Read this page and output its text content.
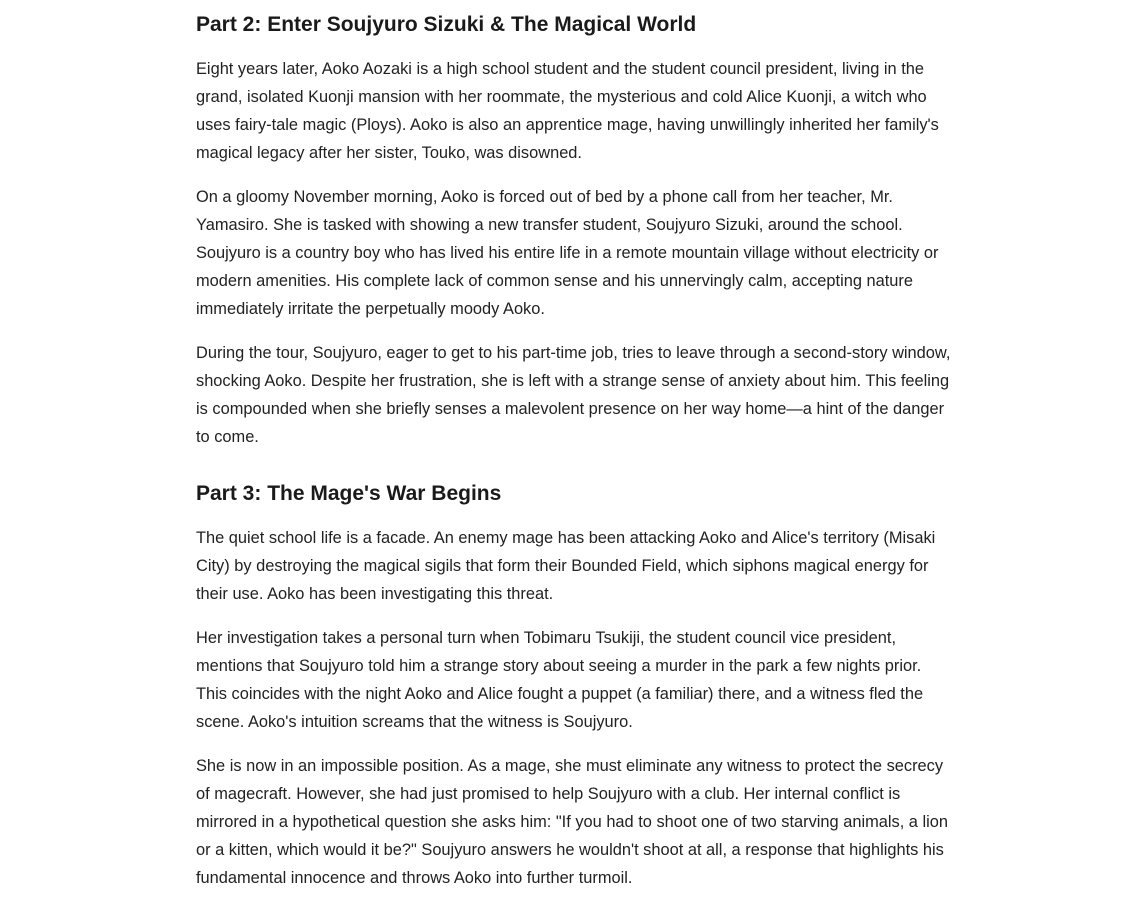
Part 2: Enter Soujyuro Sizuki & The Magical World

Eight years later, Aoko Aozaki is a high school student and the student council president, living in the grand, isolated Kuonji mansion with her roommate, the mysterious and cold Alice Kuonji, a witch who uses fairy-tale magic (Ploys). Aoko is also an apprentice mage, having unwillingly inherited her family's magical legacy after her sister, Touko, was disowned.

On a gloomy November morning, Aoko is forced out of bed by a phone call from her teacher, Mr. Yamasiro. She is tasked with showing a new transfer student, Soujyuro Sizuki, around the school. Soujyuro is a country boy who has lived his entire life in a remote mountain village without electricity or modern amenities. His complete lack of common sense and his unnervingly calm, accepting nature immediately irritate the perpetually moody Aoko.

During the tour, Soujyuro, eager to get to his part-time job, tries to leave through a second-story window, shocking Aoko. Despite her frustration, she is left with a strange sense of anxiety about him. This feeling is compounded when she briefly senses a malevolent presence on her way home—a hint of the danger to come.

Part 3: The Mage's War Begins

The quiet school life is a facade. An enemy mage has been attacking Aoko and Alice's territory (Misaki City) by destroying the magical sigils that form their Bounded Field, which siphons magical energy for their use. Aoko has been investigating this threat.

Her investigation takes a personal turn when Tobimaru Tsukiji, the student council vice president, mentions that Soujyuro told him a strange story about seeing a murder in the park a few nights prior. This coincides with the night Aoko and Alice fought a puppet (a familiar) there, and a witness fled the scene. Aoko's intuition screams that the witness is Soujyuro.

She is now in an impossible position. As a mage, she must eliminate any witness to protect the secrecy of magecraft. However, she had just promised to help Soujyuro with a club. Her internal conflict is mirrored in a hypothetical question she asks him: "If you had to shoot one of two starving animals, a lion or a kitten, which would it be?" Soujyuro answers he wouldn't shoot at all, a response that highlights his fundamental innocence and throws Aoko into further turmoil.
